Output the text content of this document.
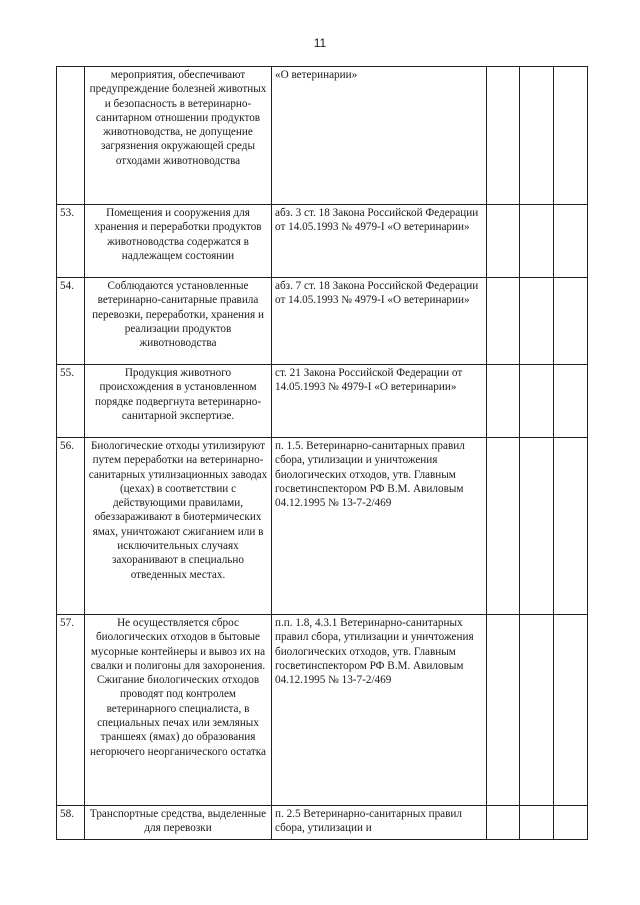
11
	мероприятия, обеспечивают предупреждение болезней животных и безопасность в ветеринарно-санитарном отношении продуктов животноводства, не допущение загрязнения окружающей среды отходами животноводства	«О ветеринарии»			
53.	Помещения и сооружения для хранения и переработки продуктов животноводства содержатся в надлежащем состоянии	абз. 3 ст. 18 Закона Российской Федерации от 14.05.1993 № 4979-I «О ветеринарии»			
54.	Соблюдаются установленные ветеринарно-санитарные правила перевозки, переработки, хранения и реализации продуктов животноводства	абз. 7 ст. 18 Закона Российской Федерации от 14.05.1993 № 4979-I «О ветеринарии»			
55.	Продукция животного происхождения в установленном порядке подвергнута ветеринарно-санитарной экспертизе.	ст. 21 Закона Российской Федерации от 14.05.1993 № 4979-I «О ветеринарии»			
56.	Биологические отходы утилизируют путем переработки на ветеринарно-санитарных утилизационных заводах (цехах) в соответствии с действующими правилами, обеззараживают в биотермических ямах, уничтожают сжиганием или в исключительных случаях захоранивают в специально отведенных местах.	п. 1.5. Ветеринарно-санитарных правил сбора, утилизации и уничтожения биологических отходов, утв. Главным госветинспектором РФ В.М. Авиловым 04.12.1995 № 13-7-2/469			
57.	Не осуществляется сброс биологических отходов в бытовые мусорные контейнеры и вывоз их на свалки и полигоны для захоронения. Сжигание биологических отходов проводят под контролем ветеринарного специалиста, в специальных печах или земляных траншеях (ямах) до образования негорючего неорганического остатка	п.п. 1.8, 4.3.1 Ветеринарно-санитарных правил сбора, утилизации и уничтожения биологических отходов, утв. Главным госветинспектором РФ В.М. Авиловым 04.12.1995 № 13-7-2/469			
58.	Транспортные средства, выделенные для перевозки	п. 2.5 Ветеринарно-санитарных правил сбора, утилизации и			
